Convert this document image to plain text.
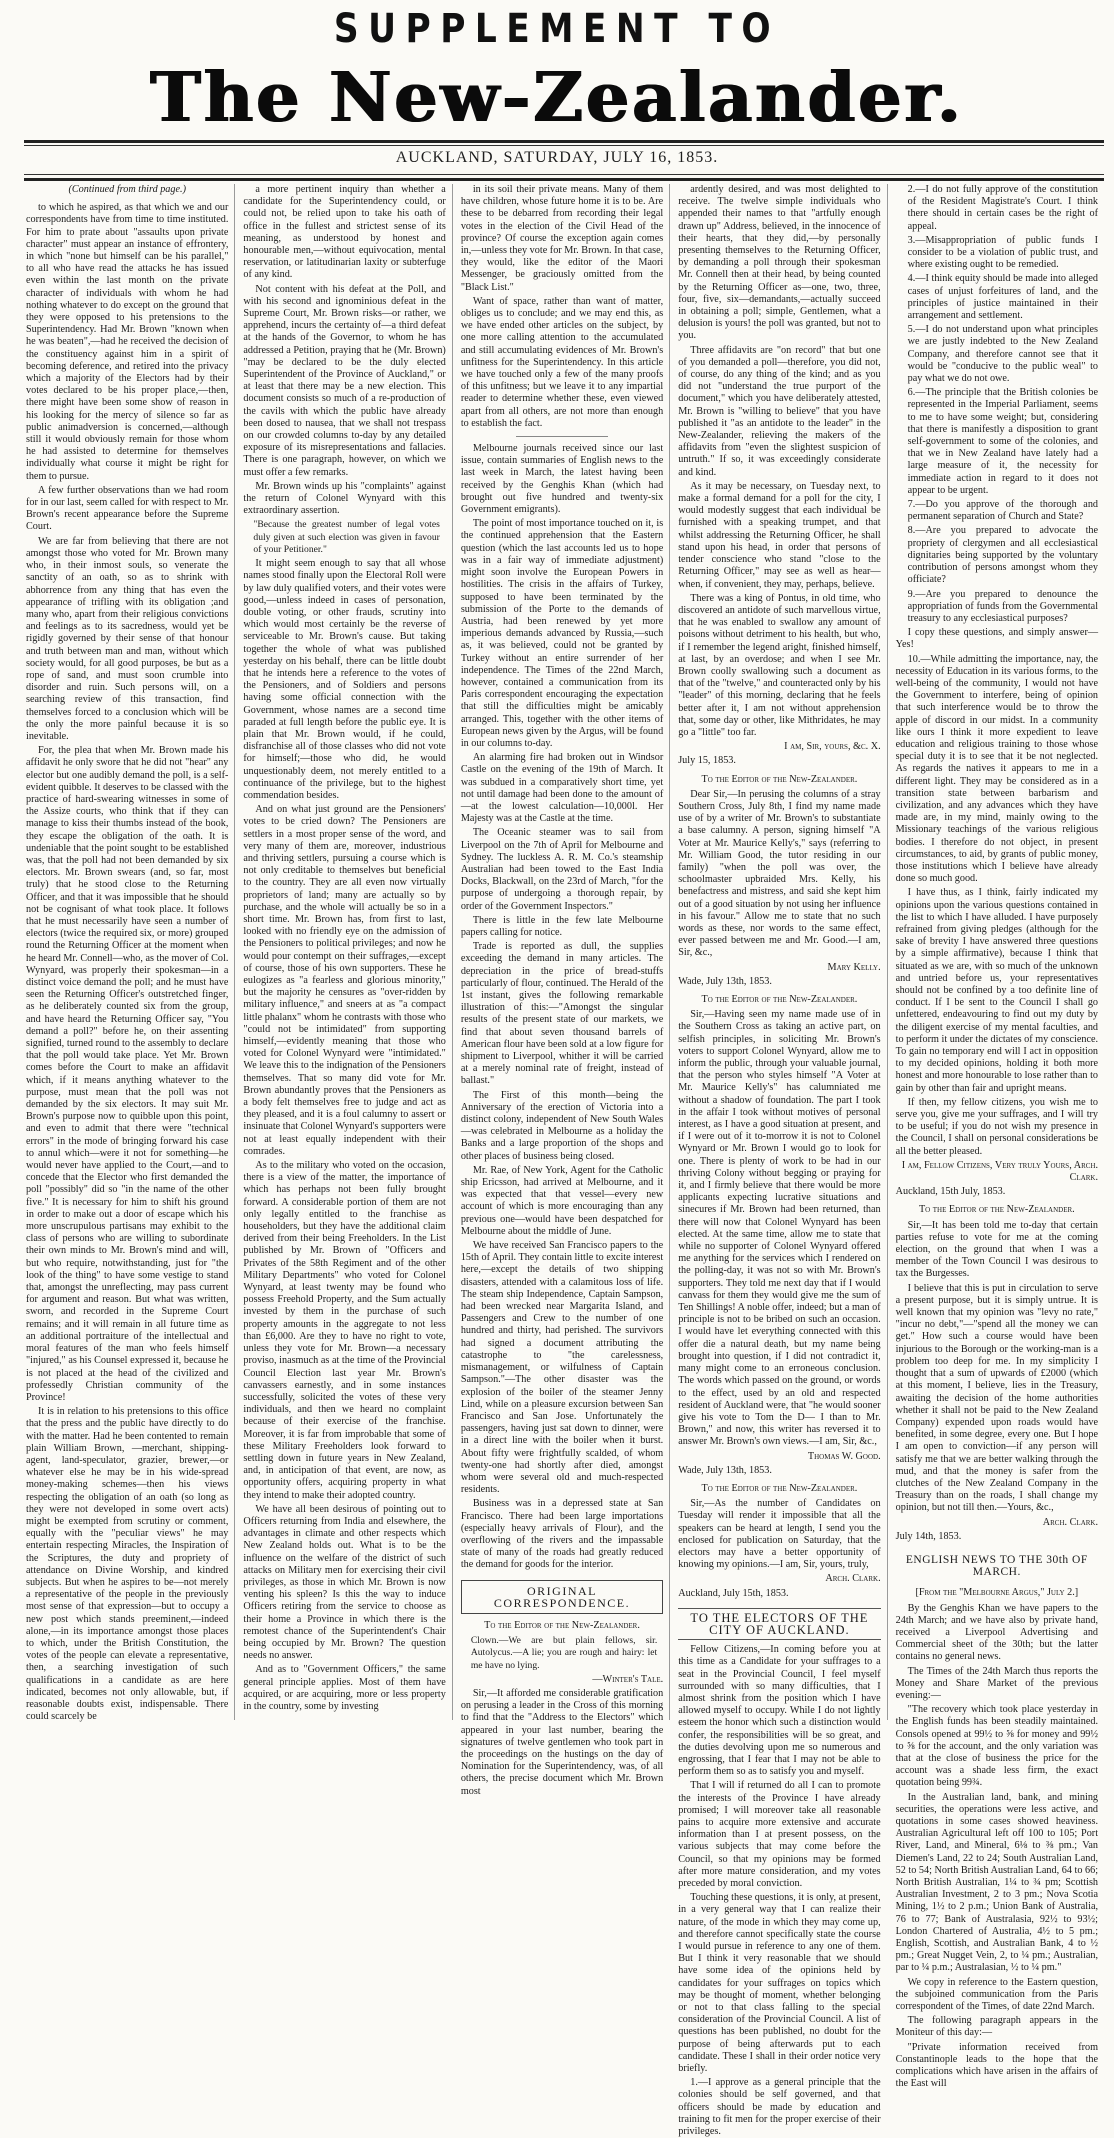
SUPPLEMENT TO
The New-Zealander.
AUCKLAND, SATURDAY, JULY 16, 1853.

(Continued from third page.)

to which he aspired, as that which we and our correspondents have from time to time instituted. For him to prate about "assaults upon private character" must appear an instance of effrontery, in which "none but himself can be his parallel," to all who have read the attacks he has issued even within the last month on the private character of individuals with whom he had nothing whatever to do except on the ground that they were opposed to his pretensions to the Superintendency. Had Mr. Brown "known when he was beaten",—had he received the decision of the constituency against him in a spirit of becoming deference, and retired into the privacy which a majority of the Electors had by their votes declared to be his proper place,—then, there might have been some show of reason in his looking for the mercy of silence so far as public animadversion is concerned,—although still it would obviously remain for those whom he had assisted to determine for themselves individually what course it might be right for them to pursue.

A few further observations than we had room for in our last, seem called for with respect to Mr. Brown's recent appearance before the Supreme Court.

We are far from believing that there are not amongst those who voted for Mr. Brown many who, in their inmost souls, so venerate the sanctity of an oath, so as to shrink with abhorrence from any thing that has even the appearance of trifling with its obligation ;and many who, apart from their religious convictions and feelings as to its sacredness, would yet be rigidly governed by their sense of that honour and truth between man and man, without which society would, for all good purposes, be but as a rope of sand, and must soon crumble into disorder and ruin. Such persons will, on a searching review of this transaction, find themselves forced to a conclusion which will be the only the more painful because it is so inevitable.

For, the plea that when Mr. Brown made his affidavit he only swore that he did not "hear" any elector but one audibly demand the poll, is a self-evident quibble. It deserves to be classed with the practice of hard-swearing witnesses in some of the Assize courts, who think that if they can manage to kiss their thumbs instead of the book, they escape the obligation of the oath. It is undeniable that the point sought to be established was, that the poll had not been demanded by six electors. Mr. Brown swears (and, so far, most truly) that he stood close to the Returning Officer, and that it was impossible that he should not be cognisant of what took place. It follows that he must necessarily have seen a number of electors (twice the required six, or more) grouped round the Returning Officer at the moment when he heard Mr. Connell—who, as the mover of Col. Wynyard, was properly their spokesman—in a distinct voice demand the poll; and he must have seen the Returning Officer's outstretched finger, as he deliberately counted six from the group, and have heard the Returning Officer say, "You demand a poll?" before he, on their assenting signified, turned round to the assembly to declare that the poll would take place. Yet Mr. Brown comes before the Court to make an affidavit which, if it means anything whatever to the purpose, must mean that the poll was not demanded by the six electors. It may suit Mr. Brown's purpose now to quibble upon this point, and even to admit that there were "technical errors" in the mode of bringing forward his case to annul which—were it not for something—he would never have applied to the Court,—and to concede that the Elector who first demanded the poll "possibly" did so "in the name of the other five." It is necessary for him to shift his ground in order to make out a door of escape which his more unscrupulous partisans may exhibit to the class of persons who are willing to subordinate their own minds to Mr. Brown's mind and will, but who require, notwithstanding, just for "the look of the thing" to have some vestige to stand that, amongst the unreflecting, may pass current for argument and reason. But what was written, sworn, and recorded in the Supreme Court remains; and it will remain in all future time as an additional portraiture of the intellectual and moral features of the man who feels himself "injured," as his Counsel expressed it, because he is not placed at the head of the civilized and professedly Christian community of the Province!

It is in relation to his pretensions to this office that the press and the public have directly to do with the matter. Had he been contented to remain plain William Brown, —merchant, shipping-agent, land-speculator, grazier, brewer,—or whatever else he may be in his wide-spread money-making schemes—then his views respecting the obligation of an oath (so long as they were not developed in some overt acts) might be exempted from scrutiny or comment, equally with the "peculiar views" he may entertain respecting Miracles, the Inspiration of the Scriptures, the duty and propriety of attendance on Divine Worship, and kindred subjects. But when he aspires to be—not merely a representative of the people in the previously most sense of that expression—but to occupy a new post which stands preeminent,—indeed alone,—in its importance amongst those places to which, under the British Constitution, the votes of the people can elevate a representative, then, a searching investigation of such qualifications in a candidate as are here indicated, becomes not only allowable, but, if reasonable doubts exist, indispensable. There could scarcely be

a more pertinent inquiry than whether a candidate for the Superintendency could, or could not, be relied upon to take his oath of office in the fullest and strictest sense of its meaning, as understood by honest and honourable men,—without equivocation, mental reservation, or latitudinarian laxity or subterfuge of any kind.

Not content with his defeat at the Poll, and with his second and ignominious defeat in the Supreme Court, Mr. Brown risks—or rather, we apprehend, incurs the certainty of—a third defeat at the hands of the Governor, to whom he has addressed a Petition, praying that he (Mr. Brown) "may be declared to be the duly elected Superintendent of the Province of Auckland," or at least that there may be a new election. This document consists so much of a re-production of the cavils with which the public have already been dosed to nausea, that we shall not trespass on our crowded columns to-day by any detailed exposure of its misrepresentations and fallacies. There is one paragraph, however, on which we must offer a few remarks.

Mr. Brown winds up his "complaints" against the return of Colonel Wynyard with this extraordinary assertion.

"Because the greatest number of legal votes duly given at such election was given in favour of your Petitioner."

It might seem enough to say that all whose names stood finally upon the Electoral Roll were by law duly qualified voters, and their votes were good,—unless indeed in cases of personation, double voting, or other frauds, scrutiny into which would most certainly be the reverse of serviceable to Mr. Brown's cause. But taking together the whole of what was published yesterday on his behalf, there can be little doubt that he intends here a reference to the votes of the Pensioners, and of Soldiers and persons having some official connection with the Government, whose names are a second time paraded at full length before the public eye. It is plain that Mr. Brown would, if he could, disfranchise all of those classes who did not vote for himself;—those who did, he would unquestionably deem, not merely entitled to a continuance of the privilege, but to the highest commendation besides.

And on what just ground are the Pensioners' votes to be cried down? The Pensioners are settlers in a most proper sense of the word, and very many of them are, moreover, industrious and thriving settlers, pursuing a course which is not only creditable to themselves but beneficial to the country. They are all even now virtually proprietors of land; many are actually so by purchase, and the whole will actually be so in a short time. Mr. Brown has, from first to last, looked with no friendly eye on the admission of the Pensioners to political privileges; and now he would pour contempt on their suffrages,—except of course, those of his own supporters. These he eulogizes as "a fearless and glorious minority," but the majority he censures as "over-ridden by military influence," and sneers at as "a compact little phalanx" whom he contrasts with those who "could not be intimidated" from supporting himself,—evidently meaning that those who voted for Colonel Wynyard were "intimidated." We leave this to the indignation of the Pensioners themselves. That so many did vote for Mr. Brown abundantly proves that the Pensioners as a body felt themselves free to judge and act as they pleased, and it is a foul calumny to assert or insinuate that Colonel Wynyard's supporters were not at least equally independent with their comrades.

As to the military who voted on the occasion, there is a view of the matter, the importance of which has perhaps not been fully brought forward. A considerable portion of them are not only legally entitled to the franchise as householders, but they have the additional claim derived from their being Freeholders. In the List published by Mr. Brown of "Officers and Privates of the 58th Regiment and of the other Military Departments" who voted for Colonel Wynyard, at least twenty may be found who possess Freehold Property, and the Sum actually invested by them in the purchase of such property amounts in the aggregate to not less than £6,000. Are they to have no right to vote, unless they vote for Mr. Brown—a necessary proviso, inasmuch as at the time of the Provincial Council Election last year Mr. Brown's canvassers earnestly, and in some instances successfully, solicited the votes of these very individuals, and then we heard no complaint because of their exercise of the franchise. Moreover, it is far from improbable that some of these Military Freeholders look forward to settling down in future years in New Zealand, and, in anticipation of that event, are now, as opportunity offers, acquiring property in what they intend to make their adopted country.

We have all been desirous of pointing out to Officers returning from India and elsewhere, the advantages in climate and other respects which New Zealand holds out. What is to be the influence on the welfare of the district of such attacks on Military men for exercising their civil privileges, as those in which Mr. Brown is now venting his spleen? Is this the way to induce Officers retiring from the service to choose as their home a Province in which there is the remotest chance of the Superintendent's Chair being occupied by Mr. Brown? The question needs no answer.

And as to "Government Officers," the same general principle applies. Most of them have acquired, or are acquiring, more or less property in the country, some by investing

in its soil their private means. Many of them have children, whose future home it is to be. Are these to be debarred from recording their legal votes in the election of the Civil Head of the province? Of course the exception again comes in,—unless they vote for Mr. Brown. In that case, they would, like the editor of the Maori Messenger, be graciously omitted from the "Black List."

Want of space, rather than want of matter, obliges us to conclude; and we may end this, as we have ended other articles on the subject, by one more calling attention to the accumulated and still accumulating evidences of Mr. Brown's unfitness for the Superintendency. In this article we have touched only a few of the many proofs of this unfitness; but we leave it to any impartial reader to determine whether these, even viewed apart from all others, are not more than enough to establish the fact.

Melbourne journals received since our last issue, contain summaries of English news to the last week in March, the latest having been received by the Genghis Khan (which had brought out five hundred and twenty-six Government emigrants).

The point of most importance touched on it, is the continued apprehension that the Eastern question (which the last accounts led us to hope was in a fair way of immediate adjustment) might soon involve the European Powers in hostilities. The crisis in the affairs of Turkey, supposed to have been terminated by the submission of the Porte to the demands of Austria, had been renewed by yet more imperious demands advanced by Russia,—such as, it was believed, could not be granted by Turkey without an entire surrender of her independence. The Times of the 22nd March, however, contained a communication from its Paris correspondent encouraging the expectation that still the difficulties might be amicably arranged. This, together with the other items of European news given by the Argus, will be found in our columns to-day.

An alarming fire had broken out in Windsor Castle on the evening of the 19th of March. It was subdued in a comparatively short time, yet not until damage had been done to the amount of—at the lowest calculation—10,000l. Her Majesty was at the Castle at the time.

The Oceanic steamer was to sail from Liverpool on the 7th of April for Melbourne and Sydney. The luckless A. R. M. Co.'s steamship Australian had been towed to the East India Docks, Blackwall, on the 23rd of March, "for the purpose of undergoing a thorough repair, by order of the Government Inspectors."

There is little in the few late Melbourne papers calling for notice.

Trade is reported as dull, the supplies exceeding the demand in many articles. The depreciation in the price of bread-stuffs particularly of flour, continued. The Herald of the 1st instant, gives the following remarkable illustration of this:—"Amongst the singular results of the present state of our markets, we find that about seven thousand barrels of American flour have been sold at a low figure for shipment to Liverpool, whither it will be carried at a merely nominal rate of freight, instead of ballast."

The First of this month—being the Anniversary of the erection of Victoria into a distinct colony, independent of New South Wales—was celebrated in Melbourne as a holiday the Banks and a large proportion of the shops and other places of business being closed.

Mr. Rae, of New York, Agent for the Catholic ship Ericsson, had arrived at Melbourne, and it was expected that that vessel—every new account of which is more encouraging than any previous one—would have been despatched for Melbourne about the middle of June.

We have received San Francisco papers to the 15th of April. They contain little to excite interest here,—except the details of two shipping disasters, attended with a calamitous loss of life. The steam ship Independence, Captain Sampson, had been wrecked near Margarita Island, and Passengers and Crew to the number of one hundred and thirty, had perished. The survivors had signed a document attributing the catastrophe to "the carelessness, mismanagement, or wilfulness of Captain Sampson."—The other disaster was the explosion of the boiler of the steamer Jenny Lind, while on a pleasure excursion between San Francisco and San Jose. Unfortunately the passengers, having just sat down to dinner, were in a direct line with the boiler when it burst. About fifty were frightfully scalded, of whom twenty-one had shortly after died, amongst whom were several old and much-respected residents.

Business was in a depressed state at San Francisco. There had been large importations (especially heavy arrivals of Flour), and the overflowing of the rivers and the impassable state of many of the roads had greatly reduced the demand for goods for the interior.

ORIGINAL CORRESPONDENCE.

To the Editor of the New-Zealander.

Clown.—We are but plain fellows, sir. Autolycus.—A lie; you are rough and hairy: let me have no lying.

—Winter's Tale.

Sir,—It afforded me considerable gratification on perusing a leader in the Cross of this morning to find that the "Address to the Electors" which appeared in your last number, bearing the signatures of twelve gentlemen who took part in the proceedings on the hustings on the day of Nomination for the Superintendency, was, of all others, the precise document which Mr. Brown most

ardently desired, and was most delighted to receive. The twelve simple individuals who appended their names to that "artfully enough drawn up" Address, believed, in the innocence of their hearts, that they did,—by personally presenting themselves to the Returning Officer, by demanding a poll through their spokesman Mr. Connell then at their head, by being counted by the Returning Officer as—one, two, three, four, five, six—demandants,—actually succeed in obtaining a poll; simple, Gentlemen, what a delusion is yours! the poll was granted, but not to you.

Three affidavits are "on record" that but one of you demanded a poll—therefore, you did not, of course, do any thing of the kind; and as you did not "understand the true purport of the document," which you have deliberately attested, Mr. Brown is "willing to believe" that you have published it "as an antidote to the leader" in the New-Zealander, relieving the makers of the affidavits from "even the slightest suspicion of untruth." If so, it was exceedingly considerate and kind.

As it may be necessary, on Tuesday next, to make a formal demand for a poll for the city, I would modestly suggest that each individual be furnished with a speaking trumpet, and that whilst addressing the Returning Officer, he shall stand upon his head, in order that persons of tender conscience who stand "close to the Returning Officer," may see as well as hear—when, if convenient, they may, perhaps, believe.

There was a king of Pontus, in old time, who discovered an antidote of such marvellous virtue, that he was enabled to swallow any amount of poisons without detriment to his health, but who, if I remember the legend aright, finished himself, at last, by an overdose; and when I see Mr. Brown coolly swallowing such a document as that of the "twelve," and counteracted only by his "leader" of this morning, declaring that he feels better after it, I am not without apprehension that, some day or other, like Mithridates, he may go a "little" too far.

I am, Sir, yours, &c. X.

July 15, 1853.

To the Editor of the New-Zealander.

Dear Sir,—In perusing the columns of a stray Southern Cross, July 8th, I find my name made use of by a writer of Mr. Brown's to substantiate a base calumny. A person, signing himself "A Voter at Mr. Maurice Kelly's," says (referring to Mr. William Good, the tutor residing in our family) "when the poll was over, the schoolmaster upbraided Mrs. Kelly, his benefactress and mistress, and said she kept him out of a good situation by not using her influence in his favour." Allow me to state that no such words as these, nor words to the same effect, ever passed between me and Mr. Good.—I am, Sir, &c.,

Mary Kelly.

Wade, July 13th, 1853.

To the Editor of the New-Zealander.

Sir,—Having seen my name made use of in the Southern Cross as taking an active part, on selfish principles, in soliciting Mr. Brown's voters to support Colonel Wynyard, allow me to inform the public, through your valuable journal, that the person who styles himself "A Voter at Mr. Maurice Kelly's" has calumniated me without a shadow of foundation. The part I took in the affair I took without motives of personal interest, as I have a good situation at present, and if I were out of it to-morrow it is not to Colonel Wynyard or Mr. Brown I would go to look for one. There is plenty of work to be had in our thriving Colony without begging or praying for it, and I firmly believe that there would be more applicants expecting lucrative situations and sinecures if Mr. Brown had been returned, than there will now that Colonel Wynyard has been elected. At the same time, allow me to state that while no supporter of Colonel Wynyard offered me anything for the services which I rendered on the polling-day, it was not so with Mr. Brown's supporters. They told me next day that if I would canvass for them they would give me the sum of Ten Shillings! A noble offer, indeed; but a man of principle is not to be bribed on such an occasion. I would have let everything connected with this offer die a natural death, but my name being brought into question, if I did not contradict it, many might come to an erroneous conclusion. The words which passed on the ground, or words to the effect, used by an old and respected resident of Auckland were, that "he would sooner give his vote to Tom the D— I than to Mr. Brown," and now, this writer has reversed it to answer Mr. Brown's own views.—I am, Sir, &c.,

Thomas W. Good.

Wade, July 13th, 1853.

To the Editor of the New-Zealander.

Sir,—As the number of Candidates on Tuesday will render it impossible that all the speakers can be heard at length, I send you the enclosed for publication on Saturday, that the electors may have a better opportunity of knowing my opinions.—I am, Sir, yours, truly,

Arch. Clark.

Auckland, July 15th, 1853.

TO THE ELECTORS OF THE CITY OF AUCKLAND.

Fellow Citizens,—In coming before you at this time as a Candidate for your suffrages to a seat in the Provincial Council, I feel myself surrounded with so many difficulties, that I almost shrink from the position which I have allowed myself to occupy. While I do not lightly esteem the honor which such a distinction would confer, the responsibilities will be so great, and the duties devolving upon me so numerous and engrossing, that I fear that I may not be able to perform them so as to satisfy you and myself.

That I will if returned do all I can to promote the interests of the Province I have already promised; I will moreover take all reasonable pains to acquire more extensive and accurate information than I at present possess, on the various subjects that may come before the Council, so that my opinions may be formed after more mature consideration, and my votes preceded by moral conviction.

Touching these questions, it is only, at present, in a very general way that I can realize their nature, of the mode in which they may come up, and therefore cannot specifically state the course I would pursue in reference to any one of them. But I think it very reasonable that we should have some idea of the opinions held by candidates for your suffrages on topics which may be thought of moment, whether belonging or not to that class falling to the special consideration of the Provincial Council. A list of questions has been published, no doubt for the purpose of being afterwards put to each candidate. These I shall in their order notice very briefly.

1.—I approve as a general principle that the colonies should be self governed, and that officers should be made by education and training to fit men for the proper exercise of their privileges.

2.—I do not fully approve of the constitution of the Resident Magistrate's Court. I think there should in certain cases be the right of appeal.

3.—Misappropriation of public funds I consider to be a violation of public trust, and where existing ought to be remedied.

4.—I think equity should be made into alleged cases of unjust forfeitures of land, and the principles of justice maintained in their arrangement and settlement.

5.—I do not understand upon what principles we are justly indebted to the New Zealand Company, and therefore cannot see that it would be "conducive to the public weal" to pay what we do not owe.

6.—The principle that the British colonies be represented in the Imperial Parliament, seems to me to have some weight; but, considering that there is manifestly a disposition to grant self-government to some of the colonies, and that we in New Zealand have lately had a large measure of it, the necessity for immediate action in regard to it does not appear to be urgent.

7.—Do you approve of the thorough and permanent separation of Church and State?

8.—Are you prepared to advocate the propriety of clergymen and all ecclesiastical dignitaries being supported by the voluntary contribution of persons amongst whom they officiate?

9.—Are you prepared to denounce the appropriation of funds from the Governmental treasury to any ecclesiastical purposes?

I copy these questions, and simply answer—Yes!

10.—While admitting the importance, nay, the necessity of Education in its various forms, to the well-being of the community, I would not have the Government to interfere, being of opinion that such interference would be to throw the apple of discord in our midst. In a community like ours I think it more expedient to leave education and religious training to those whose special duty it is to see that it be not neglected. As regards the natives it appears to me in a different light. They may be considered as in a transition state between barbarism and civilization, and any advances which they have made are, in my mind, mainly owing to the Missionary teachings of the various religious bodies. I therefore do not object, in present circumstances, to aid, by grants of public money, those institutions which I believe have already done so much good.

I have thus, as I think, fairly indicated my opinions upon the various questions contained in the list to which I have alluded. I have purposely refrained from giving pledges (although for the sake of brevity I have answered three questions by a simple affirmative), because I think that situated as we are, with so much of the unknown and untried before us, your representatives should not be confined by a too definite line of conduct. If I be sent to the Council I shall go unfettered, endeavouring to find out my duty by the diligent exercise of my mental faculties, and to perform it under the dictates of my conscience. To gain no temporary end will I act in opposition to my decided opinions, holding it both more honest and more honourable to lose rather than to gain by other than fair and upright means.

If then, my fellow citizens, you wish me to serve you, give me your suffrages, and I will try to be useful; if you do not wish my presence in the Council, I shall on personal considerations be all the better pleased.

I am, Fellow Citizens, Very truly Yours, Arch. Clark.

Auckland, 15th July, 1853.

To the Editor of the New-Zealander.

Sir,—It has been told me to-day that certain parties refuse to vote for me at the coming election, on the ground that when I was a member of the Town Council I was desirous to tax the Burgesses.

I believe that this is put in circulation to serve a present purpose, but it is simply untrue. It is well known that my opinion was "levy no rate," "incur no debt,"—"spend all the money we can get." How such a course would have been injurious to the Borough or the working-man is a problem too deep for me. In my simplicity I thought that a sum of upwards of £2000 (which at this moment, I believe, lies in the Treasury, awaiting the decision of the home authorities whether it shall not be paid to the New Zealand Company) expended upon roads would have benefited, in some degree, every one. But I hope I am open to conviction—if any person will satisfy me that we are better walking through the mud, and that the money is safer from the clutches of the New Zealand Company in the Treasury than on the roads, I shall change my opinion, but not till then.—Yours, &c.,

Arch. Clark.

July 14th, 1853.

ENGLISH NEWS TO THE 30th OF MARCH.

[From the "Melbourne Argus," July 2.]

By the Genghis Khan we have papers to the 24th March; and we have also by private hand, received a Liverpool Advertising and Commercial sheet of the 30th; but the latter contains no general news.

The Times of the 24th March thus reports the Money and Share Market of the previous evening:—

"The recovery which took place yesterday in the English funds has been steadily maintained. Consols opened at 99½ to ⅝ for money and 99½ to ⅝ for the account, and the only variation was that at the close of business the price for the account was a shade less firm, the exact quotation being 99¾.

In the Australian land, bank, and mining securities, the operations were less active, and quotations in some cases showed heaviness. Australian Agricultural left off 100 to 105; Port River, Land, and Mineral, 6⅛ to ⅜ pm.; Van Diemen's Land, 22 to 24; South Australian Land, 52 to 54; North British Australian Land, 64 to 66; North British Australian, 1¼ to ¾ pm; Scottish Australian Investment, 2 to 3 pm.; Nova Scotia Mining, 1½ to 2 p.m.; Union Bank of Australia, 76 to 77; Bank of Australasia, 92½ to 93½; London Chartered of Australia, 4½ to 5 pm.; English, Scottish, and Australian Bank, 4 to ½ pm.; Great Nugget Vein, 2, to ¼ pm.; Australian, par to ¼ p.m.; Australasian, ½ to ¼ pm."

We copy in reference to the Eastern question, the subjoined communication from the Paris correspondent of the Times, of date 22nd March.

The following paragraph appears in the Moniteur of this day:—

"Private information received from Constantinople leads to the hope that the complications which have arisen in the affairs of the East will
